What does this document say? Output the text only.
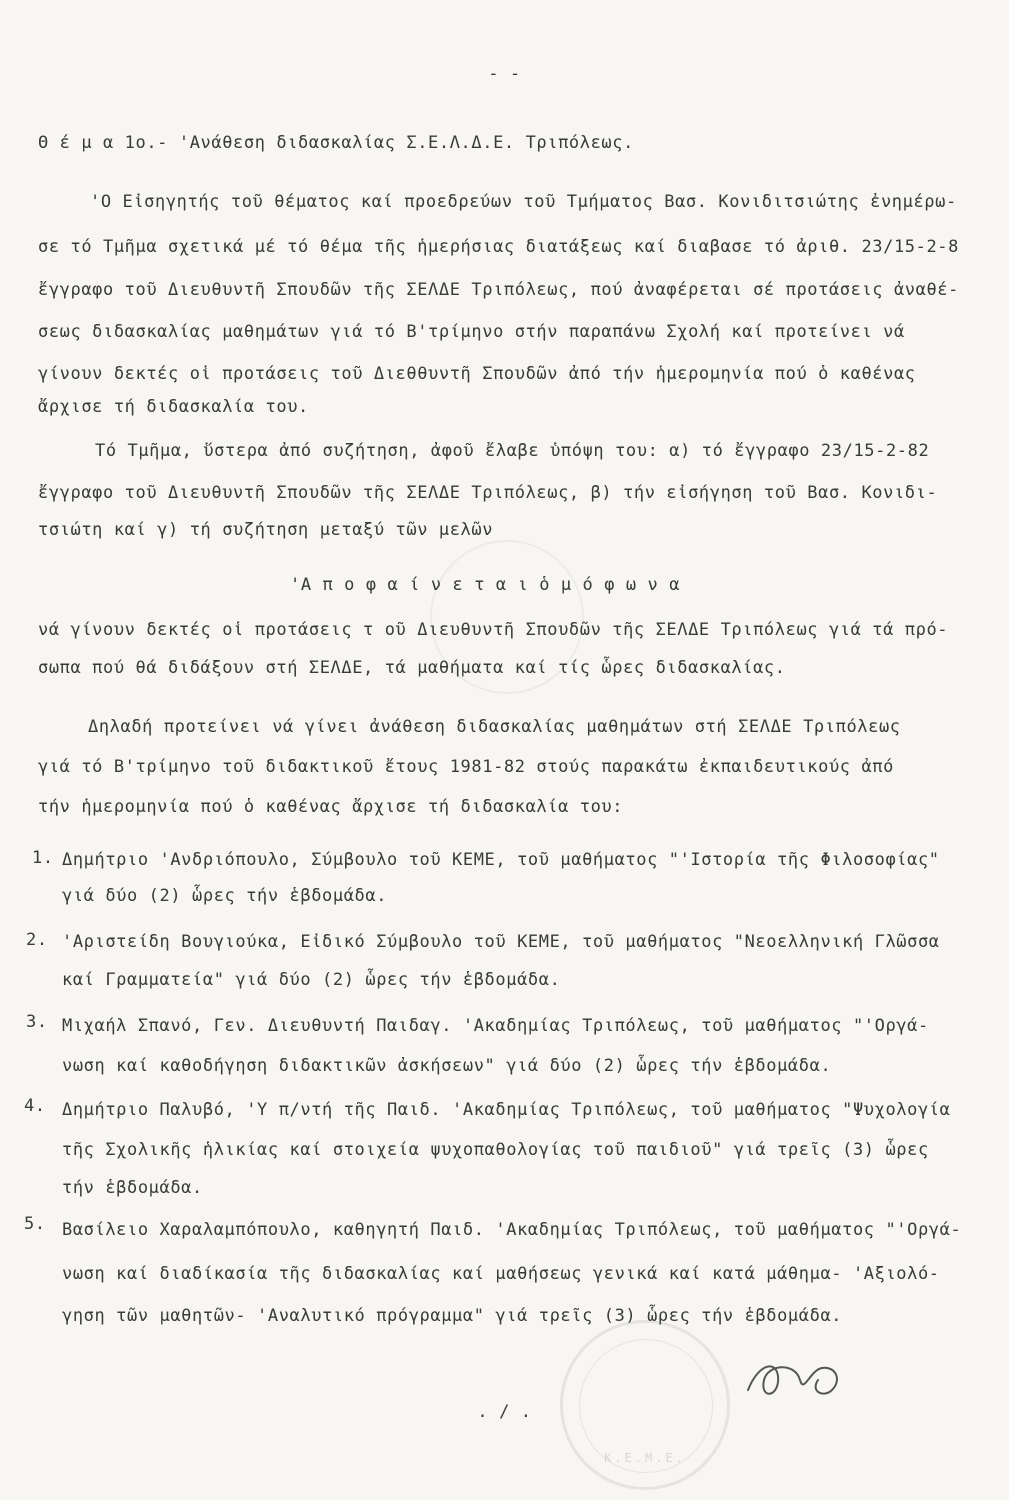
- -
Θ έ μ α 1ο.- 'Ανάθεση διδασκαλίας Σ.Ε.Λ.Δ.Ε. Τριπόλεως.
'Ο Εἰσηγητής τοῦ θέματος καί προεδρεύων τοῦ Τμήματος Βασ. Κονιδιτσιώτης ἐνημέρω-
σε τό Τμῆμα σχετικά μέ τό θέμα τῆς ἡμερήσιας διατάξεως καί διαβασε τό ἀριθ. 23/15-2-8
ἔγγραφο τοῦ Διευθυντῆ Σπουδῶν τῆς ΣΕΛΔΕ Τριπόλεως, πού ἀναφέρεται σέ προτάσεις ἀναθέ-
σεως διδασκαλίας μαθημάτων γιά τό Β'τρίμηνο στήν παραπάνω Σχολή καί προτείνει νά
γίνουν δεκτές οἱ προτάσεις τοῦ Διεθθυντῆ Σπουδῶν ἀπό τήν ἡμερομηνία πού ὁ καθένας
ἄρχισε τή διδασκαλία του.
Τό Τμῆμα, ὕστερα ἀπό συζήτηση, ἀφοῦ ἔλαβε ὑπόψη του: α) τό ἔγγραφο 23/15-2-82
ἔγγραφο τοῦ Διευθυντῆ Σπουδῶν τῆς ΣΕΛΔΕ Τριπόλεως, β) τήν εἰσήγηση τοῦ Βασ. Κονιδι-
τσιώτη καί γ) τή συζήτηση μεταξύ τῶν μελῶν
'Α π ο φ α ί ν ε τ α ι ὁ μ ό φ ω ν α
νά γίνουν δεκτές οἱ προτάσεις τ οῦ Διευθυντῆ Σπουδῶν τῆς ΣΕΛΔΕ Τριπόλεως γιά τά πρό-
σωπα πού θά διδάξουν στή ΣΕΛΔΕ, τά μαθήματα καί τίς ὧρες διδασκαλίας.
Δηλαδή προτείνει νά γίνει ἀνάθεση διδασκαλίας μαθημάτων στή ΣΕΛΔΕ Τριπόλεως
γιά τό Β'τρίμηνο τοῦ διδακτικοῦ ἔτους 1981-82 στούς παρακάτω ἐκπαιδευτικούς ἀπό
τήν ἡμερομηνία πού ὁ καθένας ἄρχισε τή διδασκαλία του:
1. Δημήτριο 'Ανδριόπουλο, Σύμβουλο τοῦ ΚΕΜΕ, τοῦ μαθήματος "'Ιστορία τῆς Φιλοσοφίας"
γιά δύο (2) ὧρες τήν ἑβδομάδα.
2. 'Αριστείδη Βουγιούκα, Εἰδικό Σύμβουλο τοῦ ΚΕΜΕ, τοῦ μαθήματος "Νεοελληνική Γλῶσσα
καί Γραμματεία" γιά δύο (2) ὧρες τήν ἑβδομάδα.
3. Μιχαήλ Σπανό, Γεν. Διευθυντή Παιδαγ. 'Ακαδημίας Τριπόλεως, τοῦ μαθήματος "'Οργά-
νωση καί καθοδήγηση διδακτικῶν ἀσκήσεων" γιά δύο (2) ὧρες τήν ἑβδομάδα.
4. Δημήτριο Παλυβό, 'Υ π/ντή τῆς Παιδ. 'Ακαδημίας Τριπόλεως, τοῦ μαθήματος "Ψυχολογία
τῆς Σχολικῆς ἡλικίας καί στοιχεία ψυχοπαθολογίας τοῦ παιδιοῦ" γιά τρεῖς (3) ὧρες
τήν ἑβδομάδα.
5. Βασίλειο Χαραλαμπόπουλο, καθηγητή Παιδ. 'Ακαδημίας Τριπόλεως, τοῦ μαθήματος "'Οργά-
νωση καί διαδίκασία τῆς διδασκαλίας καί μαθήσεως γενικά καί κατά μάθημα- 'Αξιολό-
γηση τῶν μαθητῶν- 'Αναλυτικό πρόγραμμα" γιά τρεῖς (3) ὧρες τήν ἑβδομάδα.
. / .
Κ.Ε.Μ.Ε.
